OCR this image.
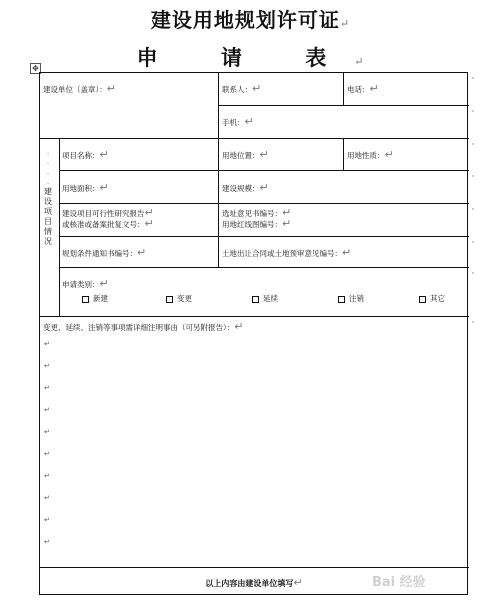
建设用地规划许可证↵
申 请 表↵
✥
建设单位（盖章）：↵	联系人：↵	电话：↵
手机：↵
项目名称：↵	用地位置：↵	用地性质：↵
用地面积：↵	建设规模：↵
建设项目可行性研究报告↵
或核准或备案批复文号：↵
选址意见书编号：↵
用地红线图编号：↵
规划条件通知书编号：↵	土地出让合同或土地预审意见编号：↵
申请类别：↵
新建	变更	延续	注销	其它
变更、延续、注销等事项需详细注明事由（可另附报告）：↵
.
.
.
.
建
设
项
目
情
况
↵
↵
↵
↵
↵
↵
↵
↵
↵
↵
'
'
'
'
'
'
'
'
以上内容由建设单位填写↵	Bai 经验
